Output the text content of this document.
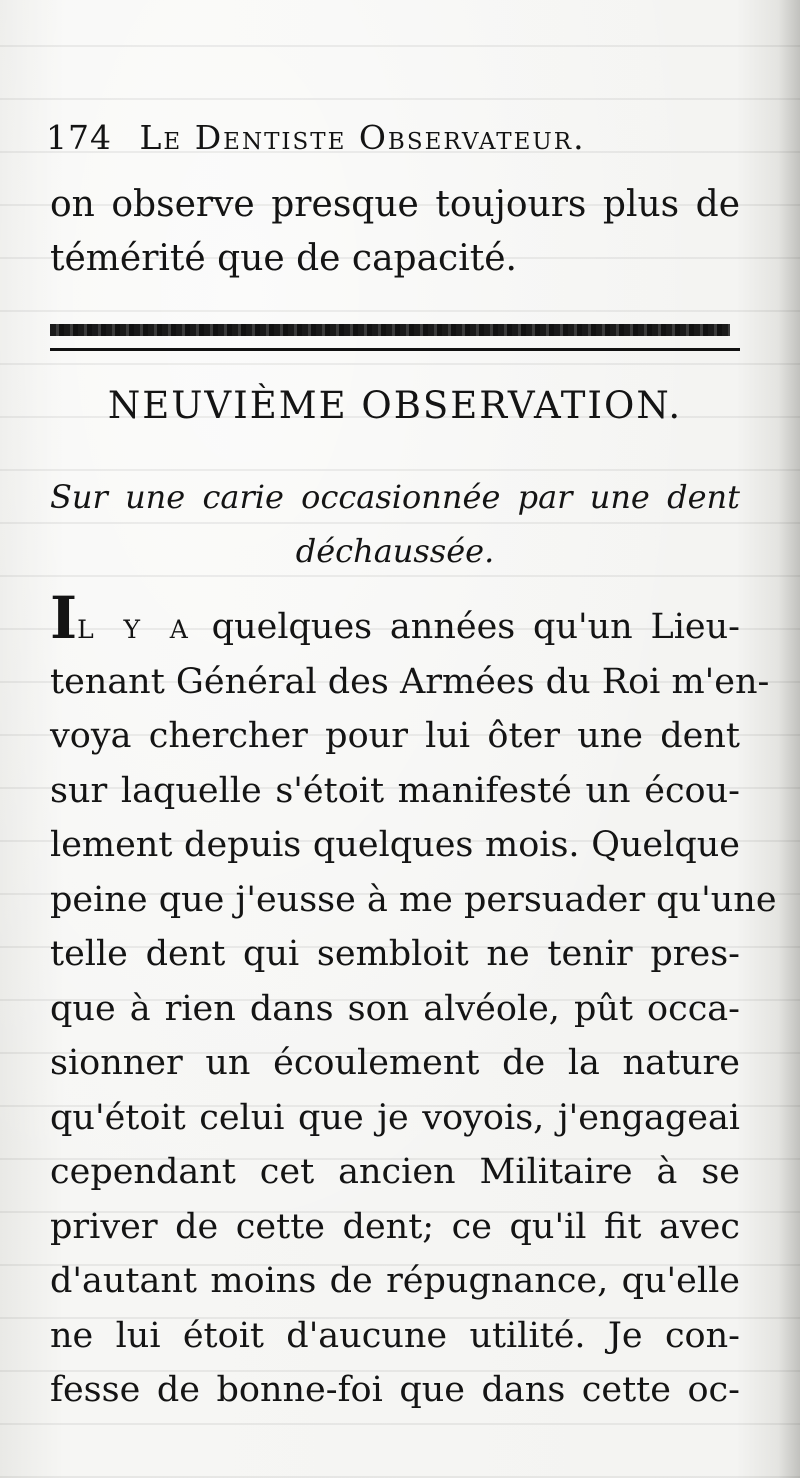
174 Le Dentiste Observateur.
on observe presque toujours plus de
témérité que de capacité.
NEUVIÈME OBSERVATION.
Sur une carie occasionnée par une dent
déchaussée.
Il y a quelques années qu'un Lieu-
tenant Général des Armées du Roi m'en-
voya chercher pour lui ôter une dent
sur laquelle s'étoit manifesté un écou-
lement depuis quelques mois. Quelque
peine que j'eusse à me persuader qu'une
telle dent qui sembloit ne tenir pres-
que à rien dans son alvéole, pût occa-
sionner un écoulement de la nature
qu'étoit celui que je voyois, j'engageai
cependant cet ancien Militaire à se
priver de cette dent; ce qu'il fit avec
d'autant moins de répugnance, qu'elle
ne lui étoit d'aucune utilité. Je con-
fesse de bonne-foi que dans cette oc-
